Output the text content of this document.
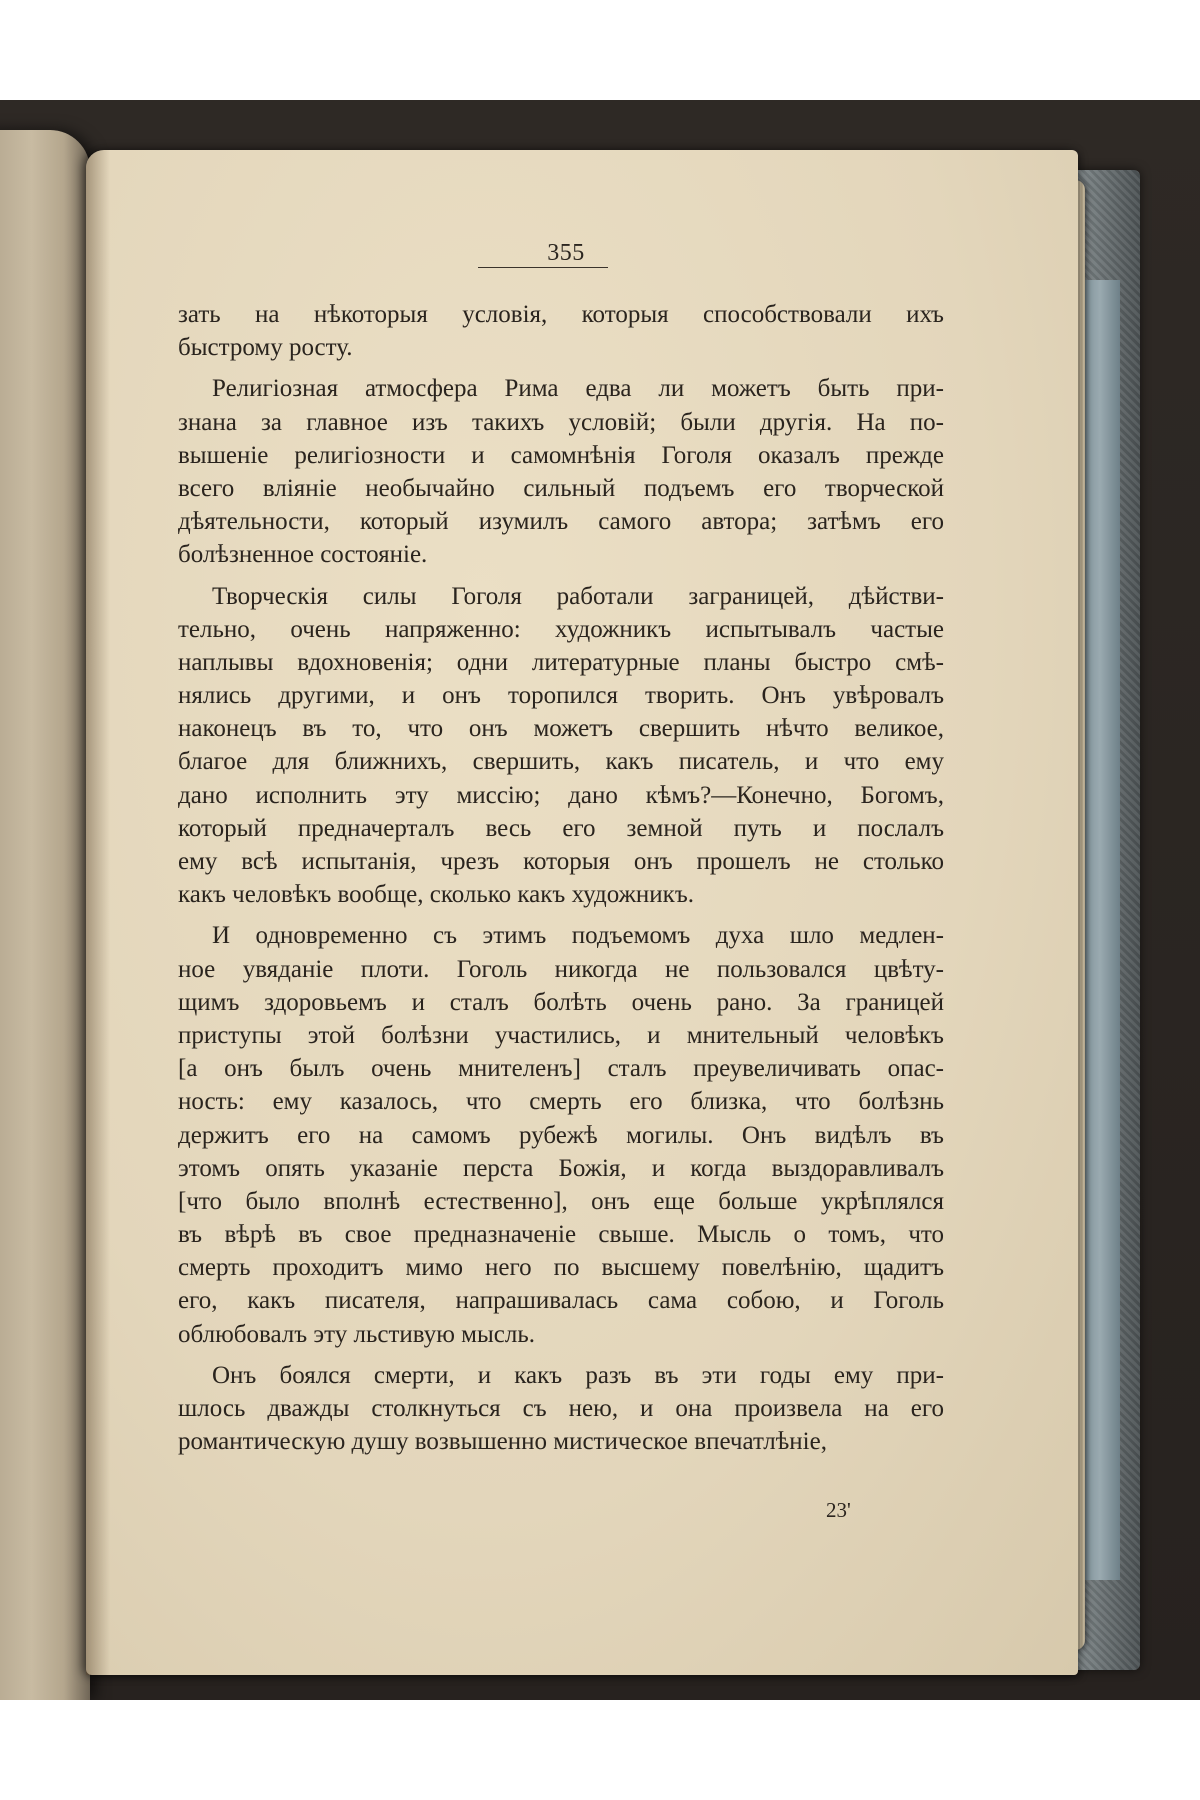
355
зать на нѣкоторыя условія, которыя способствовали ихъ
быстрому росту.
Религіозная атмосфера Рима едва ли можетъ быть при-
знана за главное изъ такихъ условій; были другія. На по-
вышеніе религіозности и самомнѣнія Гоголя оказалъ прежде
всего вліяніе необычайно сильный подъемъ его творческой
дѣятельности, который изумилъ самого автора; затѣмъ его
болѣзненное состояніе.
Творческія силы Гоголя работали заграницей, дѣйстви-
тельно, очень напряженно: художникъ испытывалъ частые
наплывы вдохновенія; одни литературные планы быстро смѣ-
нялись другими, и онъ торопился творить. Онъ увѣровалъ
наконецъ въ то, что онъ можетъ свершить нѣчто великое,
благое для ближнихъ, свершить, какъ писатель, и что ему
дано исполнить эту миссію; дано кѣмъ?—Конечно, Богомъ,
который предначерталъ весь его земной путь и послалъ
ему всѣ испытанія, чрезъ которыя онъ прошелъ не столько
какъ человѣкъ вообще, сколько какъ художникъ.
И одновременно съ этимъ подъемомъ духа шло медлен-
ное увяданіе плоти. Гоголь никогда не пользовался цвѣту-
щимъ здоровьемъ и сталъ болѣть очень рано. За границей
приступы этой болѣзни участились, и мнительный человѣкъ
[а онъ былъ очень мнителенъ] сталъ преувеличивать опас-
ность: ему казалось, что смерть его близка, что болѣзнь
держитъ его на самомъ рубежѣ могилы. Онъ видѣлъ въ
этомъ опять указаніе перста Божія, и когда выздоравливалъ
[что было вполнѣ естественно], онъ еще больше укрѣплялся
въ вѣрѣ въ свое предназначеніе свыше. Мысль о томъ, что
смерть проходитъ мимо него по высшему повелѣнію, щадитъ
его, какъ писателя, напрашивалась сама собою, и Гоголь
облюбовалъ эту льстивую мысль.
Онъ боялся смерти, и какъ разъ въ эти годы ему при-
шлось дважды столкнуться съ нею, и она произвела на его
романтическую душу возвышенно мистическое впечатлѣніе,
23'
